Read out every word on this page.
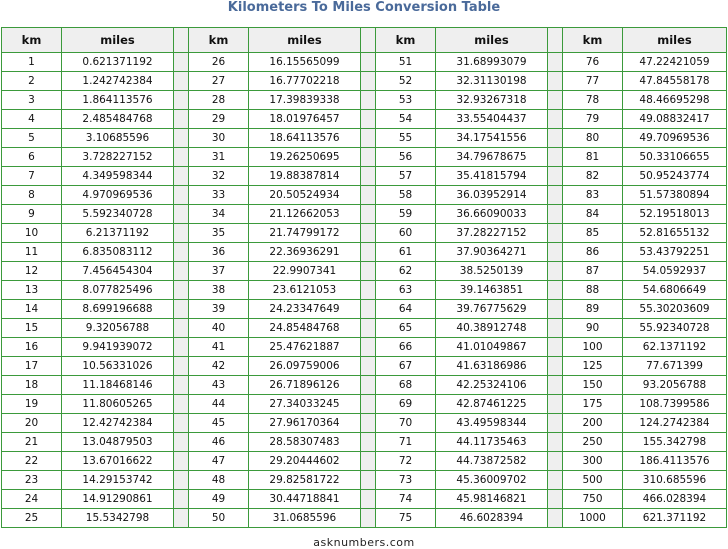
Kilometers To Miles Conversion Table
km	miles		km	miles		km	miles		km	miles
1	0.621371192		26	16.15565099		51	31.68993079		76	47.22421059
2	1.242742384		27	16.77702218		52	32.31130198		77	47.84558178
3	1.864113576		28	17.39839338		53	32.93267318		78	48.46695298
4	2.485484768		29	18.01976457		54	33.55404437		79	49.08832417
5	3.10685596		30	18.64113576		55	34.17541556		80	49.70969536
6	3.728227152		31	19.26250695		56	34.79678675		81	50.33106655
7	4.349598344		32	19.88387814		57	35.41815794		82	50.95243774
8	4.970969536		33	20.50524934		58	36.03952914		83	51.57380894
9	5.592340728		34	21.12662053		59	36.66090033		84	52.19518013
10	6.21371192		35	21.74799172		60	37.28227152		85	52.81655132
11	6.835083112		36	22.36936291		61	37.90364271		86	53.43792251
12	7.456454304		37	22.9907341		62	38.5250139		87	54.0592937
13	8.077825496		38	23.6121053		63	39.1463851		88	54.6806649
14	8.699196688		39	24.23347649		64	39.76775629		89	55.30203609
15	9.32056788		40	24.85484768		65	40.38912748		90	55.92340728
16	9.941939072		41	25.47621887		66	41.01049867		100	62.1371192
17	10.56331026		42	26.09759006		67	41.63186986		125	77.671399
18	11.18468146		43	26.71896126		68	42.25324106		150	93.2056788
19	11.80605265		44	27.34033245		69	42.87461225		175	108.7399586
20	12.42742384		45	27.96170364		70	43.49598344		200	124.2742384
21	13.04879503		46	28.58307483		71	44.11735463		250	155.342798
22	13.67016622		47	29.20444602		72	44.73872582		300	186.4113576
23	14.29153742		48	29.82581722		73	45.36009702		500	310.685596
24	14.91290861		49	30.44718841		74	45.98146821		750	466.028394
25	15.5342798		50	31.0685596		75	46.6028394		1000	621.371192
asknumbers.com
